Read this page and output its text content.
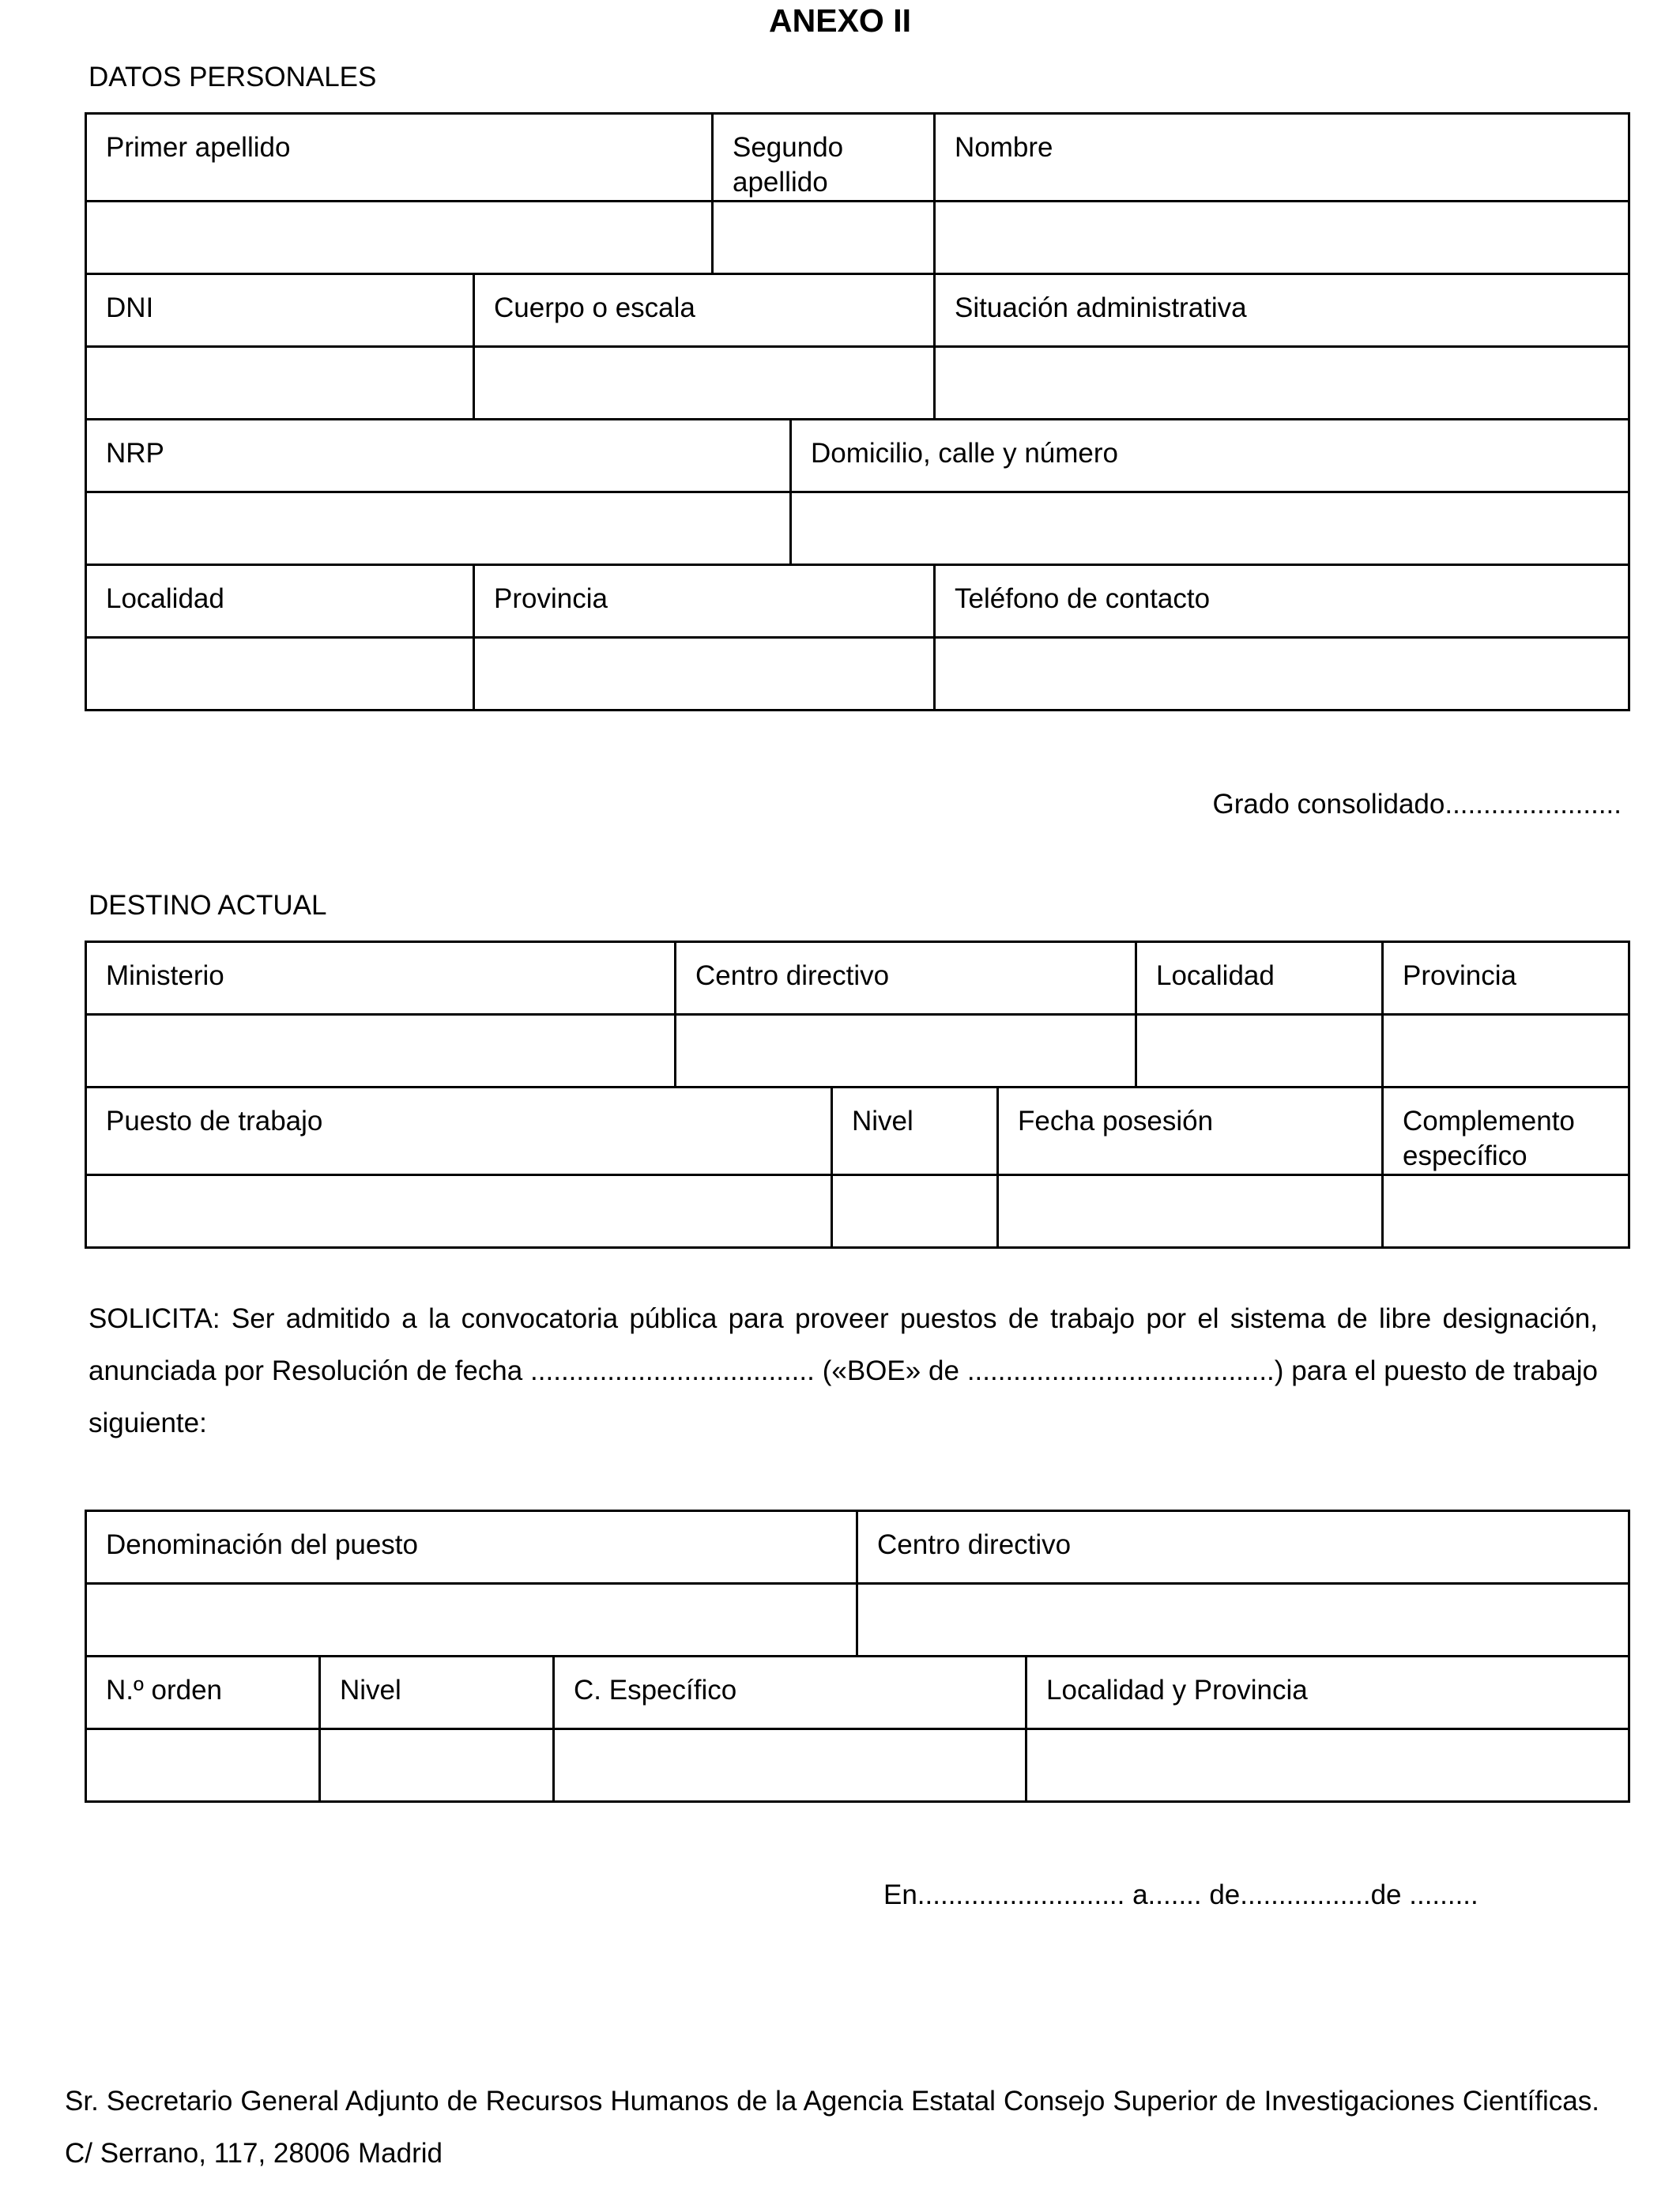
ANEXO II
DATOS PERSONALES
Primer apellido		Segundo apellido		Nombre

DNI	Cuerpo o escala			Situación administrativa

NRP			Domicilio, calle y número	

Localidad	Provincia			Teléfono de contacto

Grado consolidado.......................
DESTINO ACTUAL
Ministerio	Centro directivo			Localidad	Provincia

Puesto de trabajo		Nivel	Fecha posesión		Complemento específico

SOLICITA: Ser admitido a la convocatoria pública para proveer puestos de trabajo por el sistema de libre designación, anunciada por Resolución de fecha ..................................... («BOE» de ........................................) para el puesto de trabajo siguiente:
Denominación del puesto			Centro directivo	

N.º orden	Nivel	C. Específico		Localidad y Provincia

En........................... a....... de.................de .........
Sr. Secretario General Adjunto de Recursos Humanos de la Agencia Estatal Consejo Superior de Investigaciones Científicas. C/ Serrano, 117, 28006 Madrid
